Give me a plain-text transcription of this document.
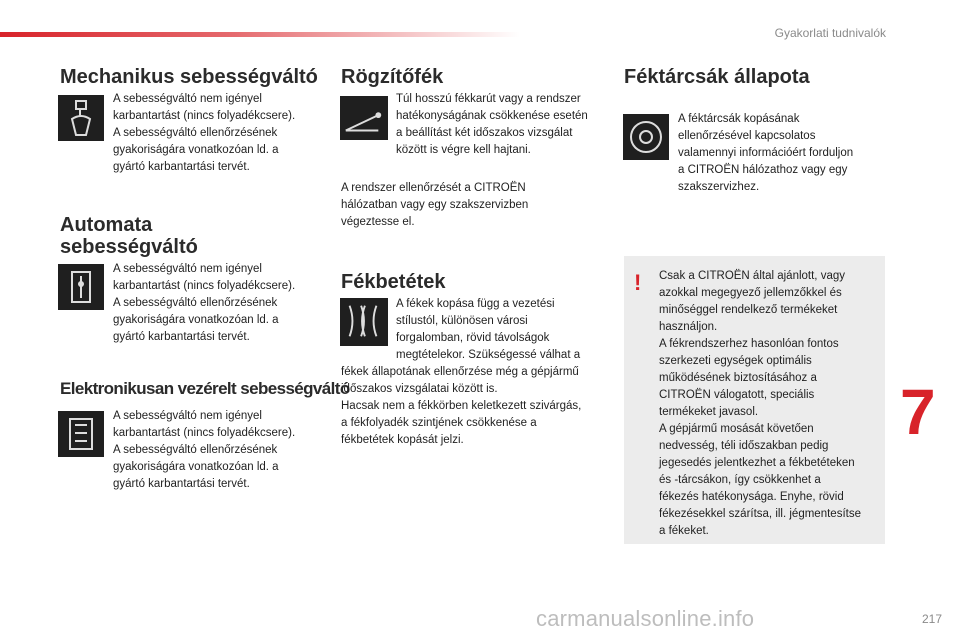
Gyakorlati tudnivalók
Mechanikus sebességváltó

A sebességváltó nem igényel

karbantartást (nincs folyadékcsere).

A sebességváltó ellenőrzésének

gyakoriságára vonatkozóan ld. a

gyártó karbantartási tervét.

Automata
sebességváltó

A sebességváltó nem igényel

karbantartást (nincs folyadékcsere).

A sebességváltó ellenőrzésének

gyakoriságára vonatkozóan ld. a

gyártó karbantartási tervét.

Elektronikusan vezérelt sebességváltó

A sebességváltó nem igényel

karbantartást (nincs folyadékcsere).

A sebességváltó ellenőrzésének

gyakoriságára vonatkozóan ld. a

gyártó karbantartási tervét.

Rögzítőfék

Túl hosszú fékkarút vagy a rendszer

hatékonyságának csökkenése esetén

a beállítást két időszakos vizsgálat

között is végre kell hajtani.

A rendszer ellenőrzését a CITROËN

hálózatban vagy egy szakszervizben

végeztesse el.

Fékbetétek

A fékek kopása függ a vezetési

stílustól, különösen városi

forgalomban, rövid távolságok

megtételekor. Szükségessé válhat a

fékek állapotának ellenőrzése még a gépjármű

időszakos vizsgálatai között is.

Hacsak nem a fékkörben keletkezett szivárgás,

a fékfolyadék szintjének csökkenése a

fékbetétek kopását jelzi.

Féktárcsák állapota

A féktárcsák kopásának

ellenőrzésével kapcsolatos

valamennyi információért forduljon

a CITROËN hálózathoz vagy egy

szakszervizhez.

! Csak a CITROËN által ajánlott, vagy

azokkal megegyező jellemzőkkel és

minőséggel rendelkező termékeket

használjon.

A fékrendszerhez hasonlóan fontos

szerkezeti egységek optimális

működésének biztosításához a

CITROËN válogatott, speciális

termékeket javasol.

A gépjármű mosását követően

nedvesség, téli időszakban pedig

jegesedés jelentkezhet a fékbetéteken

és -tárcsákon, így csökkenhet a

fékezés hatékonysága. Enyhe, rövid

fékezésekkel szárítsa, ill. jégmentesítse

a fékeket.

7
carmanualsonline.info	217
